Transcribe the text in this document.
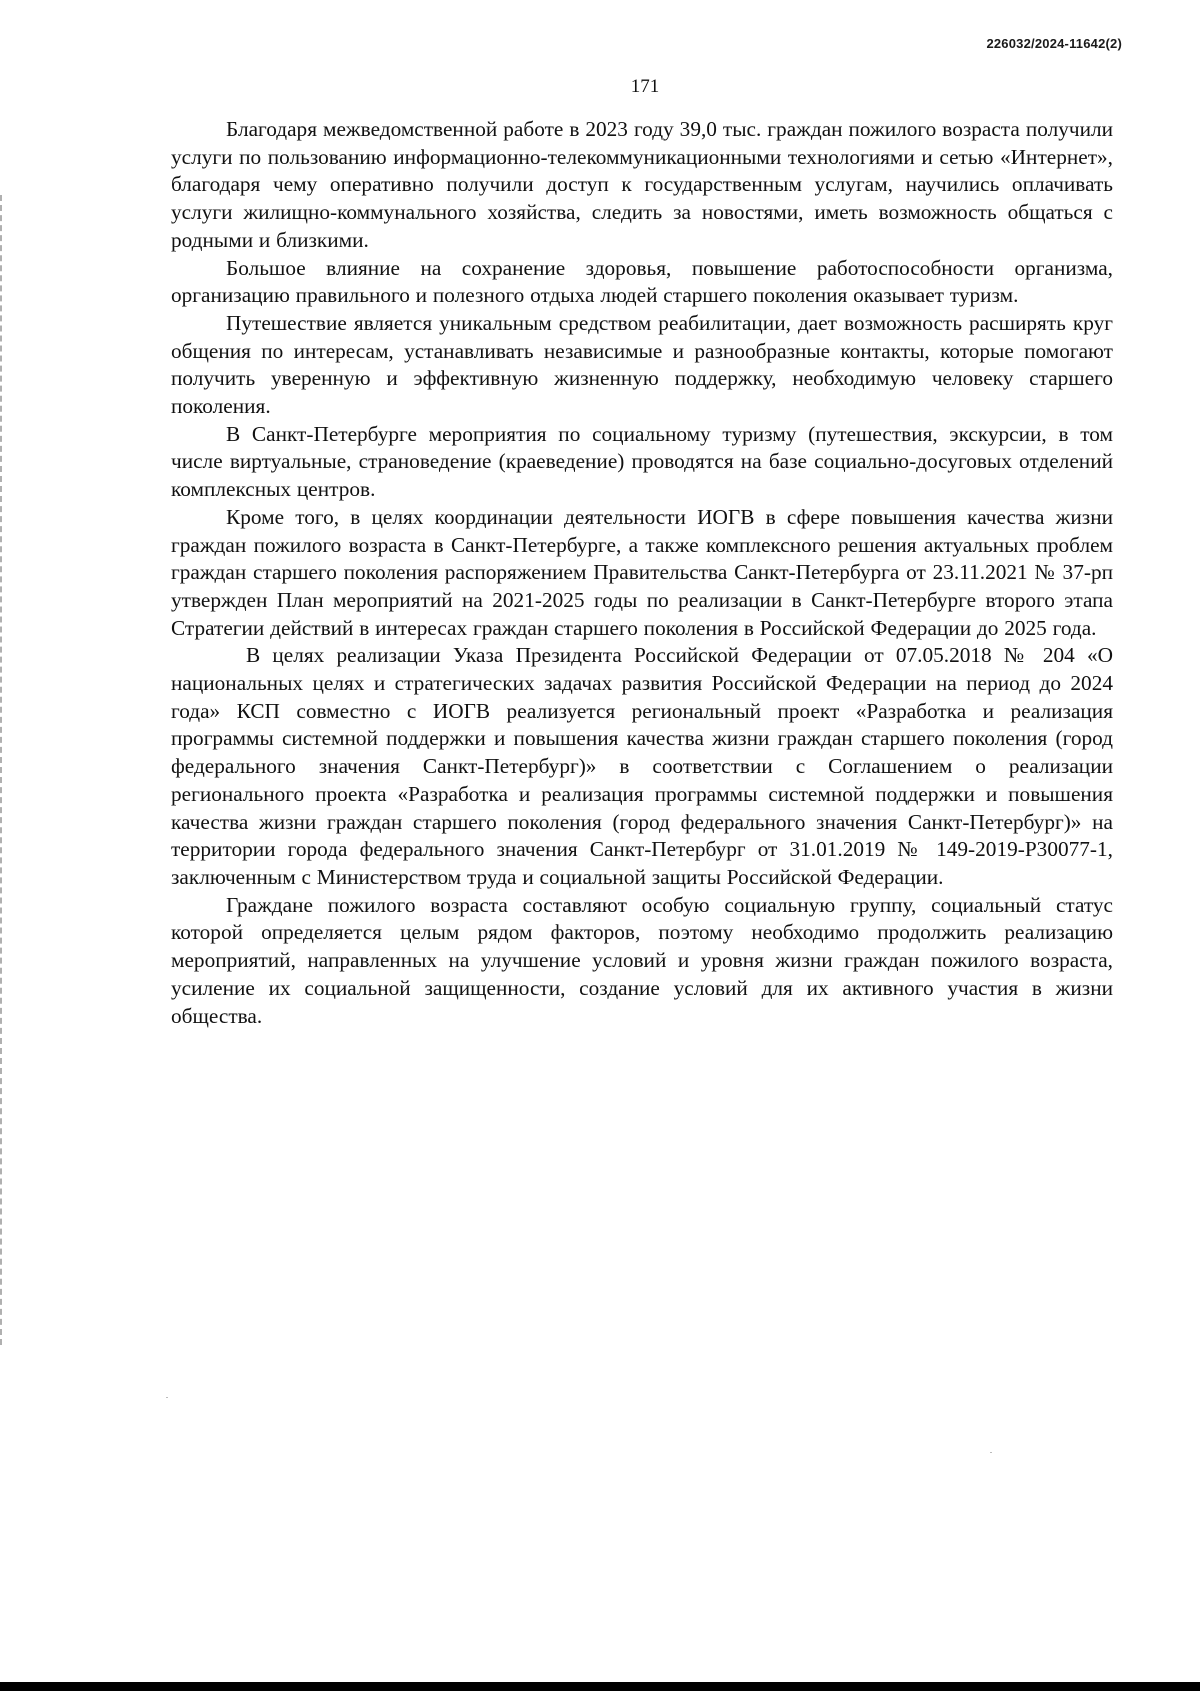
226032/2024-11642(2)
171

Благодаря межведомственной работе в 2023 году 39,0 тыс. граждан пожилого возраста получили услуги по пользованию информационно-телекоммуникационными технологиями и сетью «Интернет», благодаря чему оперативно получили доступ к государственным услугам, научились оплачивать услуги жилищно-коммунального хозяйства, следить за новостями, иметь возможность общаться с родными и близкими.

Большое влияние на сохранение здоровья, повышение работоспособности организма, организацию правильного и полезного отдыха людей старшего поколения оказывает туризм.

Путешествие является уникальным средством реабилитации, дает возможность расширять круг общения по интересам, устанавливать независимые и разнообразные контакты, которые помогают получить уверенную и эффективную жизненную поддержку, необходимую человеку старшего поколения.

В Санкт-Петербурге мероприятия по социальному туризму (путешествия, экскурсии, в том числе виртуальные, страноведение (краеведение) проводятся на базе социально-досуговых отделений комплексных центров.

Кроме того, в целях координации деятельности ИОГВ в сфере повышения качества жизни граждан пожилого возраста в Санкт-Петербурге, а также комплексного решения актуальных проблем граждан старшего поколения распоряжением Правительства Санкт-Петербурга от 23.11.2021 № 37-рп утвержден План мероприятий на 2021-2025 годы по реализации в Санкт-Петербурге второго этапа Стратегии действий в интересах граждан старшего поколения в Российской Федерации до 2025 года.

В целях реализации Указа Президента Российской Федерации от 07.05.2018 № 204 «О национальных целях и стратегических задачах развития Российской Федерации на период до 2024 года» КСП совместно с ИОГВ реализуется региональный проект «Разработка и реализация программы системной поддержки и повышения качества жизни граждан старшего поколения (город федерального значения Санкт-Петербург)» в соответствии с Соглашением о реализации регионального проекта «Разработка и реализация программы системной поддержки и повышения качества жизни граждан старшего поколения (город федерального значения Санкт-Петербург)» на территории города федерального значения Санкт-Петербург от 31.01.2019 № 149-2019-Р30077-1, заключенным с Министерством труда и социальной защиты Российской Федерации.

Граждане пожилого возраста составляют особую социальную группу, социальный статус которой определяется целым рядом факторов, поэтому необходимо продолжить реализацию мероприятий, направленных на улучшение условий и уровня жизни граждан пожилого возраста, усиление их социальной защищенности, создание условий для их активного участия в жизни общества.
